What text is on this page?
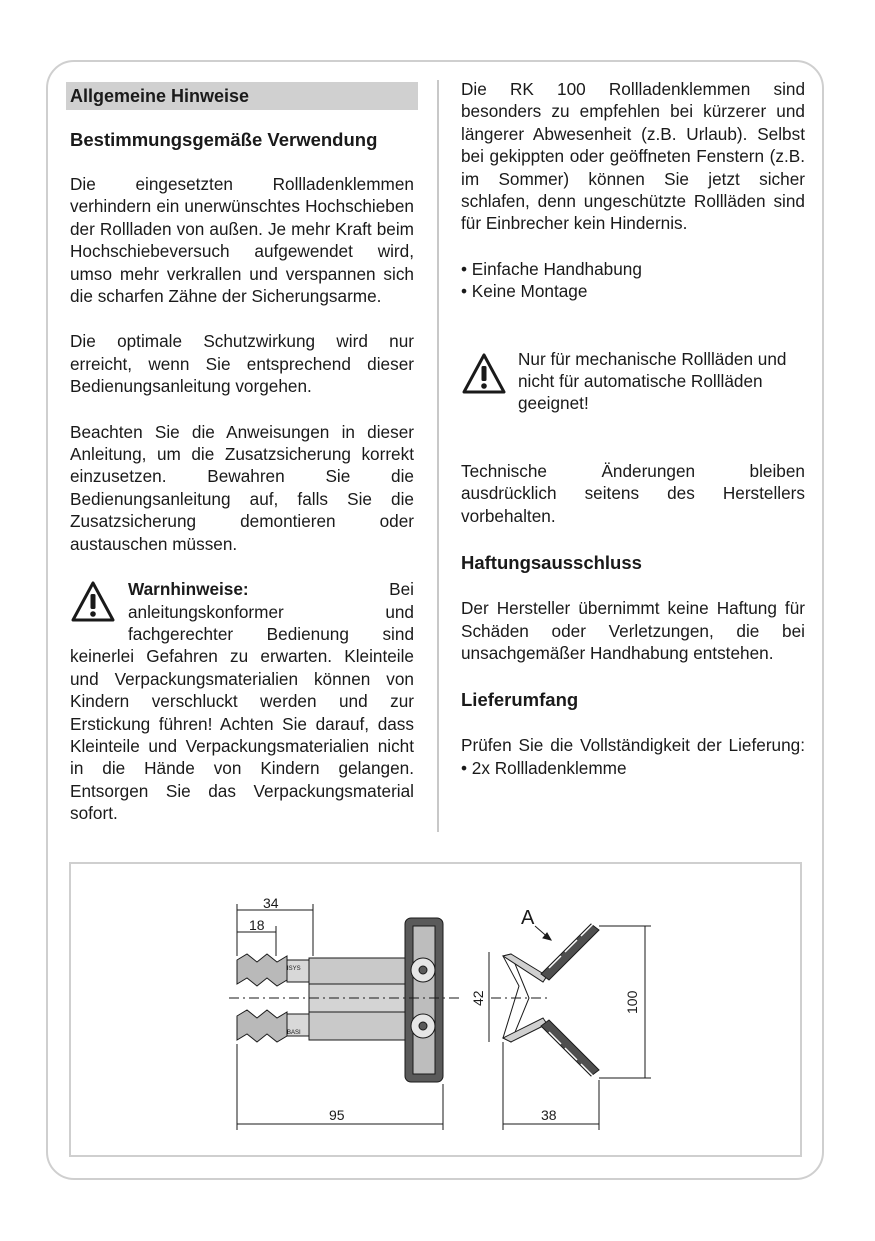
Allgemeine Hinweise
Bestimmungsgemäße Verwendung

Die eingesetzten Rollladenklemmen verhindern ein unerwünschtes Hochschieben der Rollladen von außen. Je mehr Kraft beim Hochschiebeversuch aufgewendet wird, umso mehr verkrallen und verspannen sich die scharfen Zähne der Sicherungsarme.

Die optimale Schutzwirkung wird nur erreicht, wenn Sie entsprechend dieser Bedienungsanleitung vorgehen.

Beachten Sie die Anweisungen in dieser Anleitung, um die Zusatzsicherung korrekt einzusetzen. Bewahren Sie die Bedienungsanleitung auf, falls Sie die Zusatzsicherung demontieren oder austauschen müssen.

Warnhinweise: Bei anleitungskonformer und fachgerechter Bedienung sind keinerlei Gefahren zu erwarten. Kleinteile und Verpackungsmaterialien können von Kindern verschluckt werden und zur Erstickung führen! Achten Sie darauf, dass Kleinteile und Verpackungsmaterialien nicht in die Hände von Kindern gelangen. Entsorgen Sie das Verpackungsmaterial sofort.

Die RK 100 Rollladenklemmen sind besonders zu empfehlen bei kürzerer und längerer Abwesenheit (z.B. Urlaub). Selbst bei gekippten oder geöffneten Fenstern (z.B. im Sommer) können Sie jetzt sicher schlafen, denn ungeschützte Rollläden sind für Einbrecher kein Hindernis.

• Einfache Handhabung
• Keine Montage

Nur für mechanische Rollläden und nicht für automatische Rollläden geeignet!

Technische Änderungen bleiben ausdrücklich seitens des Herstellers vorbehalten.

Haftungsausschluss

Der Hersteller übernimmt keine Haftung für Schäden oder Verletzungen, die bei unsachgemäßer Handhabung entstehen.

Lieferumfang

Prüfen Sie die Vollständigkeit der Lieferung: • 2x Rollladenklemme

34
18
95
ISYS
BASI
42	100
38
A
